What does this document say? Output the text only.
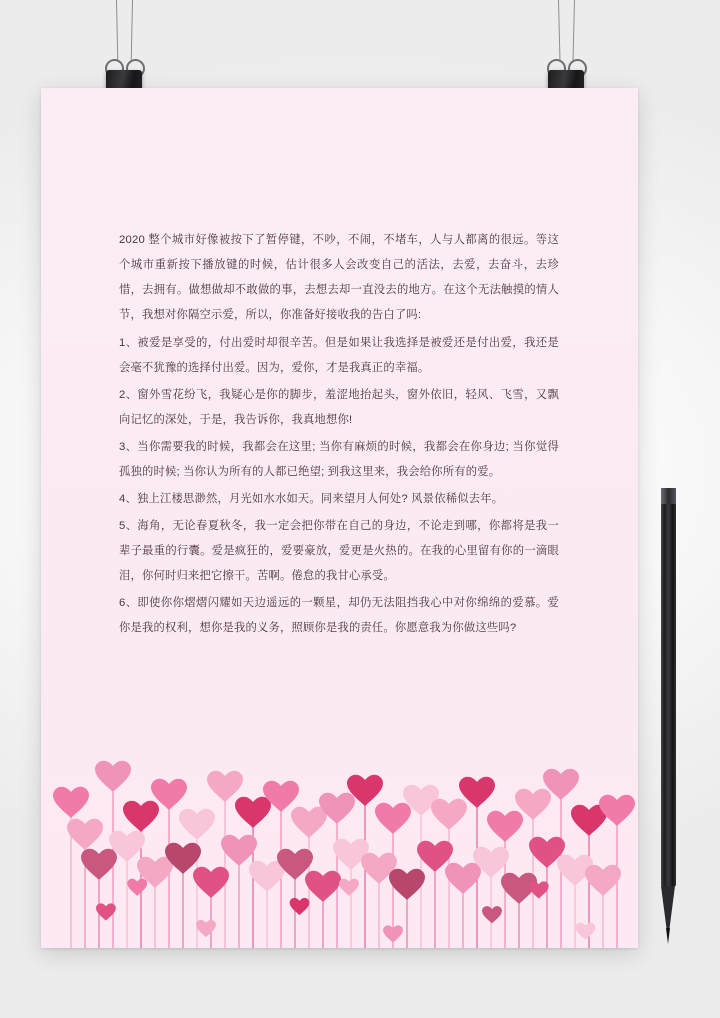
2020 整个城市好像被按下了暂停键，不吵，不闹，不堵车，人与人都离的很远。等这个城市重新按下播放键的时候，估计很多人会改变自己的活法，去爱，去奋斗，去珍惜，去拥有。做想做却不敢做的事，去想去却一直没去的地方。在这个无法触摸的情人节，我想对你隔空示爱，所以，你准备好接收我的告白了吗:

1、被爱是享受的，付出爱时却很辛苦。但是如果让我选择是被爱还是付出爱，我还是会毫不犹豫的选择付出爱。因为，爱你，才是我真正的幸福。

2、窗外雪花纷飞，我疑心是你的脚步，羞涩地抬起头，窗外依旧，轻风、飞雪，又飘向记忆的深处，于是，我告诉你，我真地想你!

3、当你需要我的时候，我都会在这里; 当你有麻烦的时候，我都会在你身边; 当你觉得孤独的时候; 当你认为所有的人都已绝望; 到我这里来，我会给你所有的爱。

4、独上江楼思渺然，月光如水水如天。同来望月人何处? 风景依稀似去年。

5、海角，无论春夏秋冬，我一定会把你带在自己的身边，不论走到哪，你都将是我一辈子最重的行囊。爱是疯狂的，爱要豪放，爱更是火热的。在我的心里留有你的一滴眼泪，你何时归来把它擦干。苦啊。倦怠的我甘心承受。

6、即使你你熠熠闪耀如天边遥远的一颗星，却仍无法阻挡我心中对你绵绵的爱慕。爱你是我的权利，想你是我的义务，照顾你是我的责任。你愿意我为你做这些吗?
